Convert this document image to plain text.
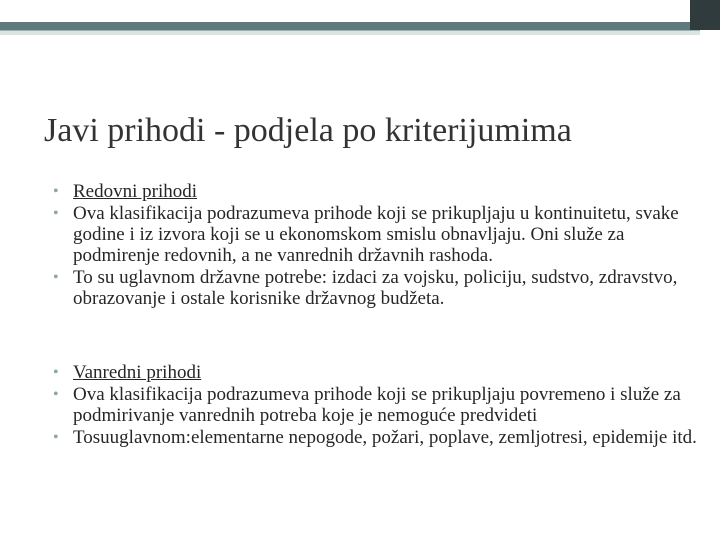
Javi prihodi - podjela po kriterijumima
• Redovni prihodi
• Ova klasifikacija podrazumeva prihode koji se prikupljaju u kontinuitetu, svake godine i iz izvora koji se u ekonomskom smislu obnavljaju. Oni služe za podmirenje redovnih, a ne vanrednih državnih rashoda.
• To su uglavnom državne potrebe: izdaci za vojsku, policiju, sudstvo, zdravstvo, obrazovanje i ostale korisnike državnog budžeta.
• Vanredni prihodi
• Ova klasifikacija podrazumeva prihode koji se prikupljaju povremeno i služe za podmirivanje vanrednih potreba koje je nemoguće predvideti
• Tosuuglavnom:elementarne nepogode, požari, poplave, zemljotresi, epidemije itd.
